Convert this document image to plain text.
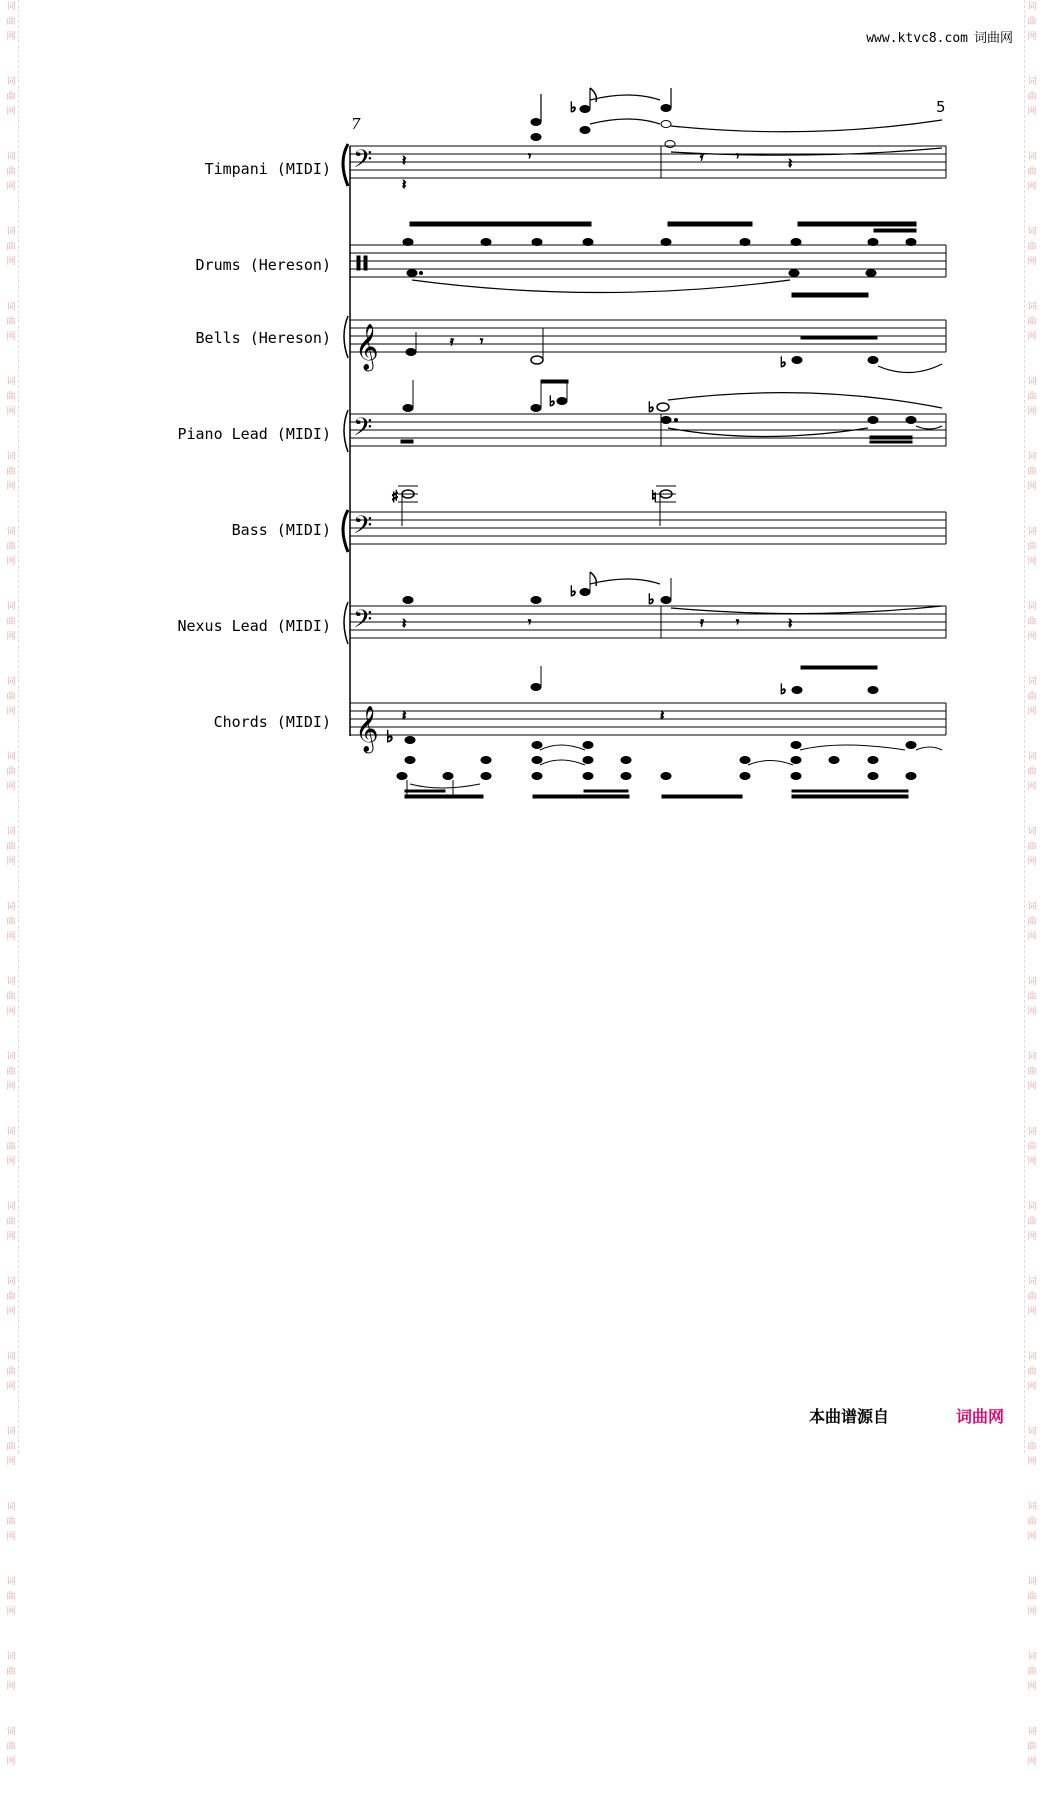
词
曲
网

词
曲
网

词
曲
网

词
曲
网

词
曲
网

词
曲
网

词
曲
网

词
曲
网

词
曲
网

词
曲
网

词
曲
网

词
曲
网

词
曲
网

词
曲
网

词
曲
网

词
曲
网

词
曲
网

词
曲
网

词
曲
网

词
曲
网

词
曲
网

词
曲
网

词
曲
网

词
曲
网

词
曲
网

词
曲
网

词
曲
网

词
曲
网

词
曲
网

词
曲
网

词
曲
网

词
曲
网

词
曲
网

词
曲
网

词
曲
网

词
曲
网

词
曲
网

词
曲
网

词
曲
网

词
曲
网

词
曲
网

词
曲
网

词
曲
网

词
曲
网

词
曲
网

词
曲
网

词
曲
网

词
曲
网

www.ktvc8.com 词曲网
7
5
Timpani (MIDI)
Drums (Hereson)
Bells (Hereson)
Piano Lead (MIDI)
Bass (MIDI)
Nexus Lead (MIDI)
Chords (MIDI)
𝄢 𝄽
𝄽
𝄾
♭
𝄿	𝄾	𝄽
𝄞	𝄿 𝄾
♭
𝄢
♭	♭
𝄢
♯	♮
𝄢 𝄽	𝄾
♭	♭
𝄿	𝄾	𝄽
𝄞 𝄽	𝄽
♭
♭
本曲谱源自	词曲网
